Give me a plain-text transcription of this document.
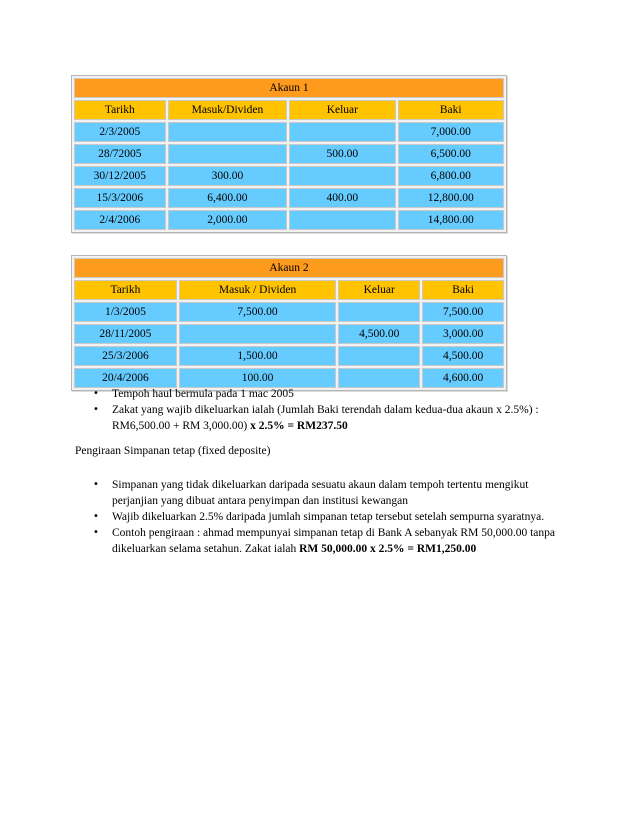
Akaun 1			
Tarikh	Masuk/Dividen	Keluar	Baki
2/3/2005			7,000.00
28/72005		500.00	6,500.00
30/12/2005	300.00		6,800.00
15/3/2006	6,400.00	400.00	12,800.00
2/4/2006	2,000.00		14,800.00
Akaun 2			
Tarikh	Masuk / Dividen	Keluar	Baki
1/3/2005	7,500.00		7,500.00
28/11/2005		4,500.00	3,000.00
25/3/2006	1,500.00		4,500.00
20/4/2006	100.00		4,600.00
• Tempoh haul bermula pada 1 mac 2005
• Zakat yang wajib dikeluarkan ialah (Jumlah Baki terendah dalam kedua-dua akaun x 2.5%) : RM6,500.00 + RM 3,000.00) x 2.5% = RM237.50
Pengiraan Simpanan tetap (fixed deposite)
• Simpanan yang tidak dikeluarkan daripada sesuatu akaun dalam tempoh tertentu mengikut perjanjian yang dibuat antara penyimpan dan institusi kewangan
• Wajib dikeluarkan 2.5% daripada jumlah simpanan tetap tersebut setelah sempurna syaratnya.
• Contoh pengiraan : ahmad mempunyai simpanan tetap di Bank A sebanyak RM 50,000.00 tanpa dikeluarkan selama setahun. Zakat ialah RM 50,000.00 x 2.5% = RM1,250.00
